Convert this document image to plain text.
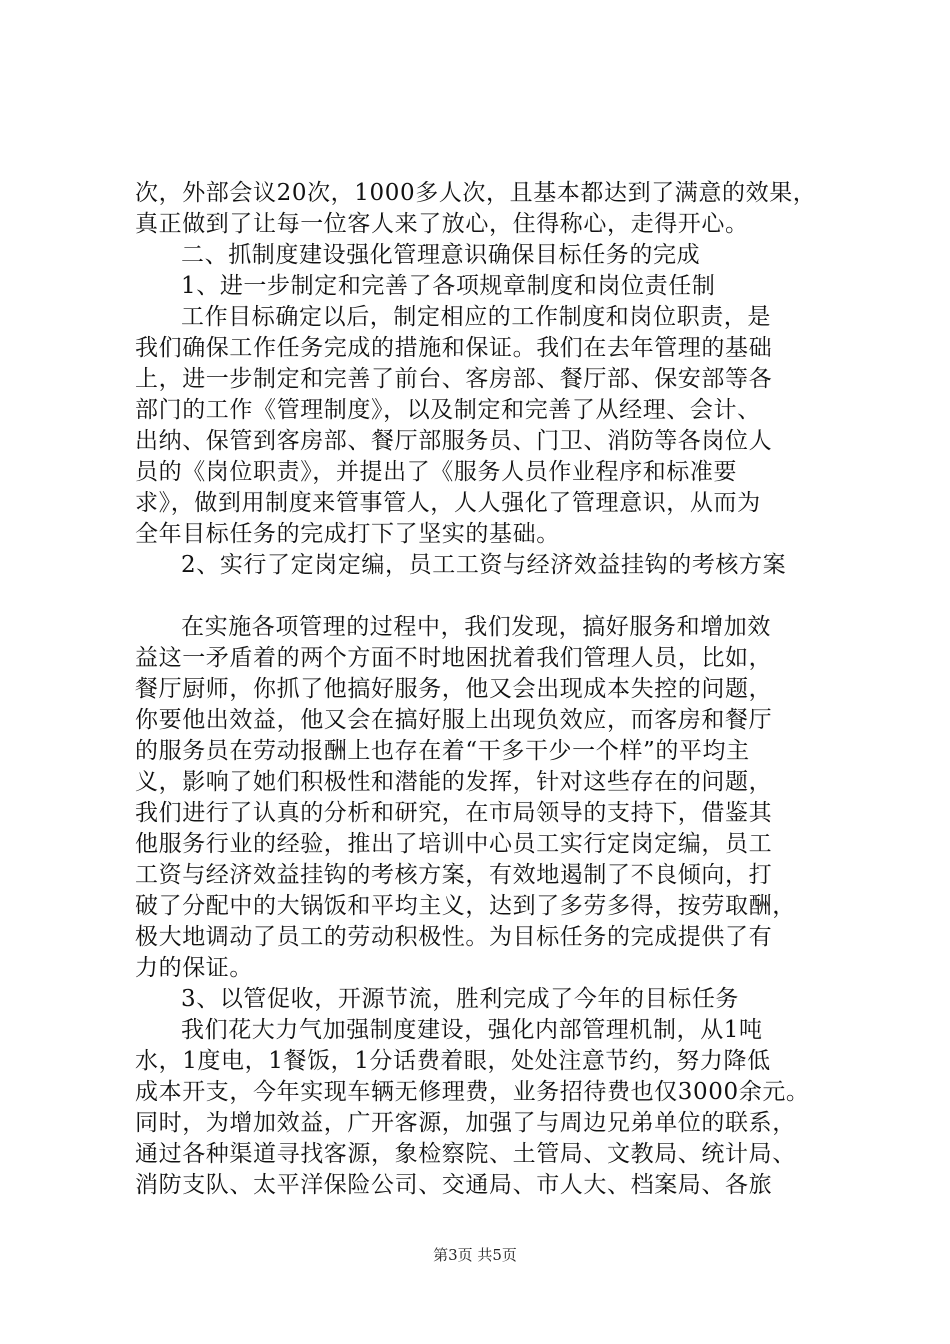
次，外部会议20次，1000多人次，且基本都达到了满意的效果，
真正做到了让每一位客人来了放心，住得称心，走得开心。
二、抓制度建设强化管理意识确保目标任务的完成
1、进一步制定和完善了各项规章制度和岗位责任制
工作目标确定以后，制定相应的工作制度和岗位职责，是
我们确保工作任务完成的措施和保证。我们在去年管理的基础
上，进一步制定和完善了前台、客房部、餐厅部、保安部等各
部门的工作《管理制度》，以及制定和完善了从经理、会计、
出纳、保管到客房部、餐厅部服务员、门卫、消防等各岗位人
员的《岗位职责》，并提出了《服务人员作业程序和标准要
求》，做到用制度来管事管人，人人强化了管理意识，从而为
全年目标任务的完成打下了坚实的基础。
2、实行了定岗定编，员工工资与经济效益挂钩的考核方案
在实施各项管理的过程中，我们发现，搞好服务和增加效
益这一矛盾着的两个方面不时地困扰着我们管理人员，比如，
餐厅厨师，你抓了他搞好服务，他又会出现成本失控的问题，
你要他出效益，他又会在搞好服上出现负效应，而客房和餐厅
的服务员在劳动报酬上也存在着“干多干少一个样”的平均主
义，影响了她们积极性和潜能的发挥，针对这些存在的问题，
我们进行了认真的分析和研究，在市局领导的支持下，借鉴其
他服务行业的经验，推出了培训中心员工实行定岗定编，员工
工资与经济效益挂钩的考核方案，有效地遏制了不良倾向，打
破了分配中的大锅饭和平均主义，达到了多劳多得，按劳取酬，
极大地调动了员工的劳动积极性。为目标任务的完成提供了有
力的保证。
3、以管促收，开源节流，胜利完成了今年的目标任务
我们花大力气加强制度建设，强化内部管理机制，从1吨
水，1度电，1餐饭，1分话费着眼，处处注意节约，努力降低
成本开支，今年实现车辆无修理费，业务招待费也仅3000余元。
同时，为增加效益，广开客源，加强了与周边兄弟单位的联系，
通过各种渠道寻找客源，象检察院、土管局、文教局、统计局、
消防支队、太平洋保险公司、交通局、市人大、档案局、各旅
第3页 共5页
